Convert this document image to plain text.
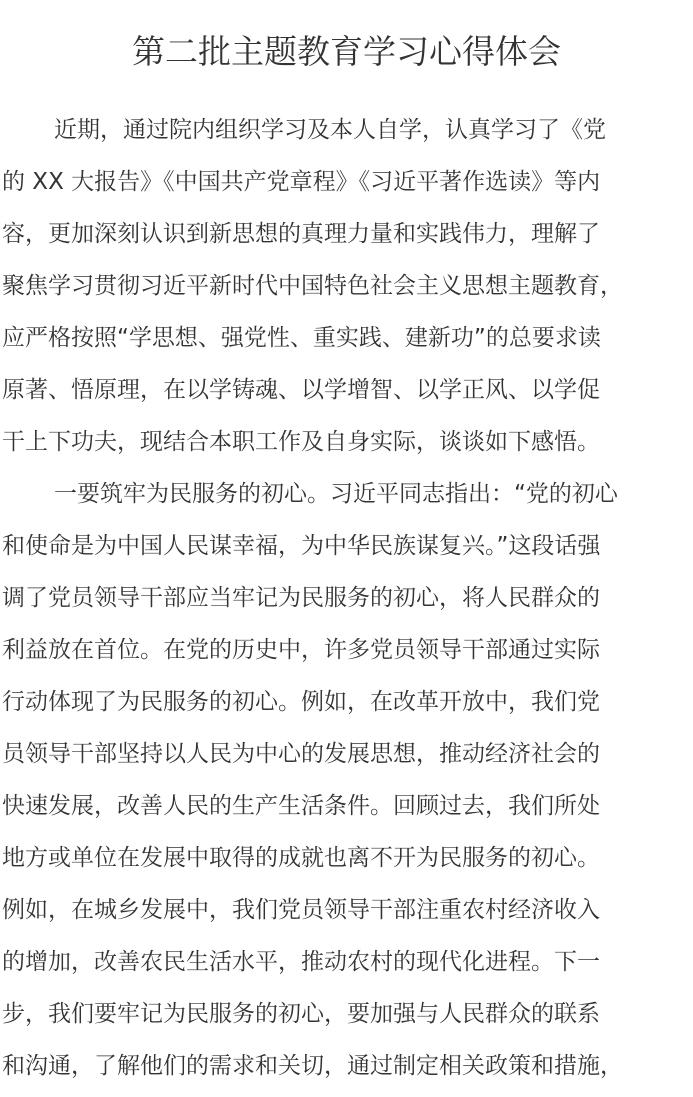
第二批主题教育学习心得体会
近期，通过院内组织学习及本人自学，认真学习了《党
的 XX 大报告》《中国共产党章程》《习近平著作选读》等内
容，更加深刻认识到新思想的真理力量和实践伟力，理解了
聚焦学习贯彻习近平新时代中国特色社会主义思想主题教育，
应严格按照“学思想、强党性、重实践、建新功”的总要求读
原著、悟原理，在以学铸魂、以学增智、以学正风、以学促
干上下功夫，现结合本职工作及自身实际，谈谈如下感悟。
一要筑牢为民服务的初心。习近平同志指出：“党的初心
和使命是为中国人民谋幸福，为中华民族谋复兴。”这段话强
调了党员领导干部应当牢记为民服务的初心，将人民群众的
利益放在首位。在党的历史中，许多党员领导干部通过实际
行动体现了为民服务的初心。例如，在改革开放中，我们党
员领导干部坚持以人民为中心的发展思想，推动经济社会的
快速发展，改善人民的生产生活条件。回顾过去，我们所处
地方或单位在发展中取得的成就也离不开为民服务的初心。
例如，在城乡发展中，我们党员领导干部注重农村经济收入
的增加，改善农民生活水平，推动农村的现代化进程。下一
步，我们要牢记为民服务的初心，要加强与人民群众的联系
和沟通，了解他们的需求和关切，通过制定相关政策和措施，
